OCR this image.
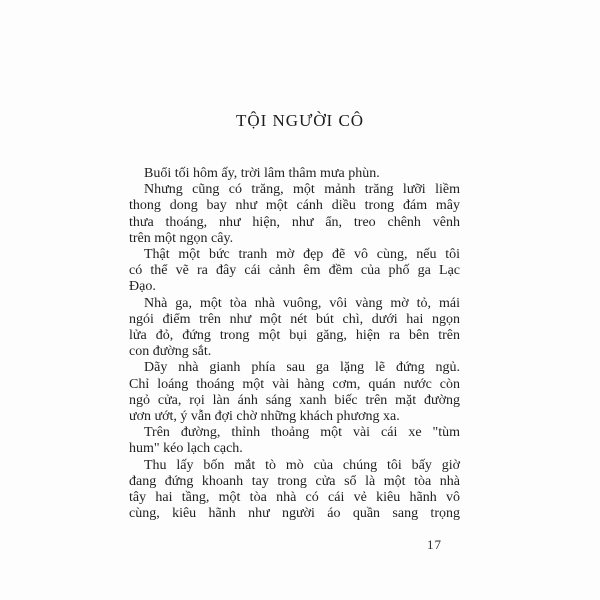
TỘI NGƯỜI CÔ

Buổi tối hôm ấy, trời lâm thâm mưa phùn.

Nhưng cũng có trăng, một mảnh trăng lưỡi liềm
thong dong bay như một cánh diều trong đám mây
thưa thoáng, như hiện, như ẩn, treo chênh vênh
trên một ngọn cây.

Thật một bức tranh mờ đẹp đẽ vô cùng, nếu tôi
có thể vẽ ra đây cái cảnh êm đềm của phố ga Lạc
Đạo.

Nhà ga, một tòa nhà vuông, vôi vàng mờ tỏ, mái
ngói điểm trên như một nét bút chì, dưới hai ngọn
lửa đỏ, đứng trong một bụi găng, hiện ra bên trên
con đường sắt.

Dãy nhà gianh phía sau ga lặng lẽ đứng ngủ.
Chỉ loáng thoáng một vài hàng cơm, quán nước còn
ngỏ cửa, rọi làn ánh sáng xanh biếc trên mặt đường
ươn ướt, ý vẫn đợi chờ những khách phương xa.

Trên đường, thỉnh thoảng một vài cái xe "tùm
hum" kéo lạch cạch.

Thu lấy bốn mắt tò mò của chúng tôi bấy giờ
đang đứng khoanh tay trong cửa sổ là một tòa nhà
tây hai tầng, một tòa nhà có cái vẻ kiêu hãnh vô
cùng, kiêu hãnh như người áo quần sang trọng

17
